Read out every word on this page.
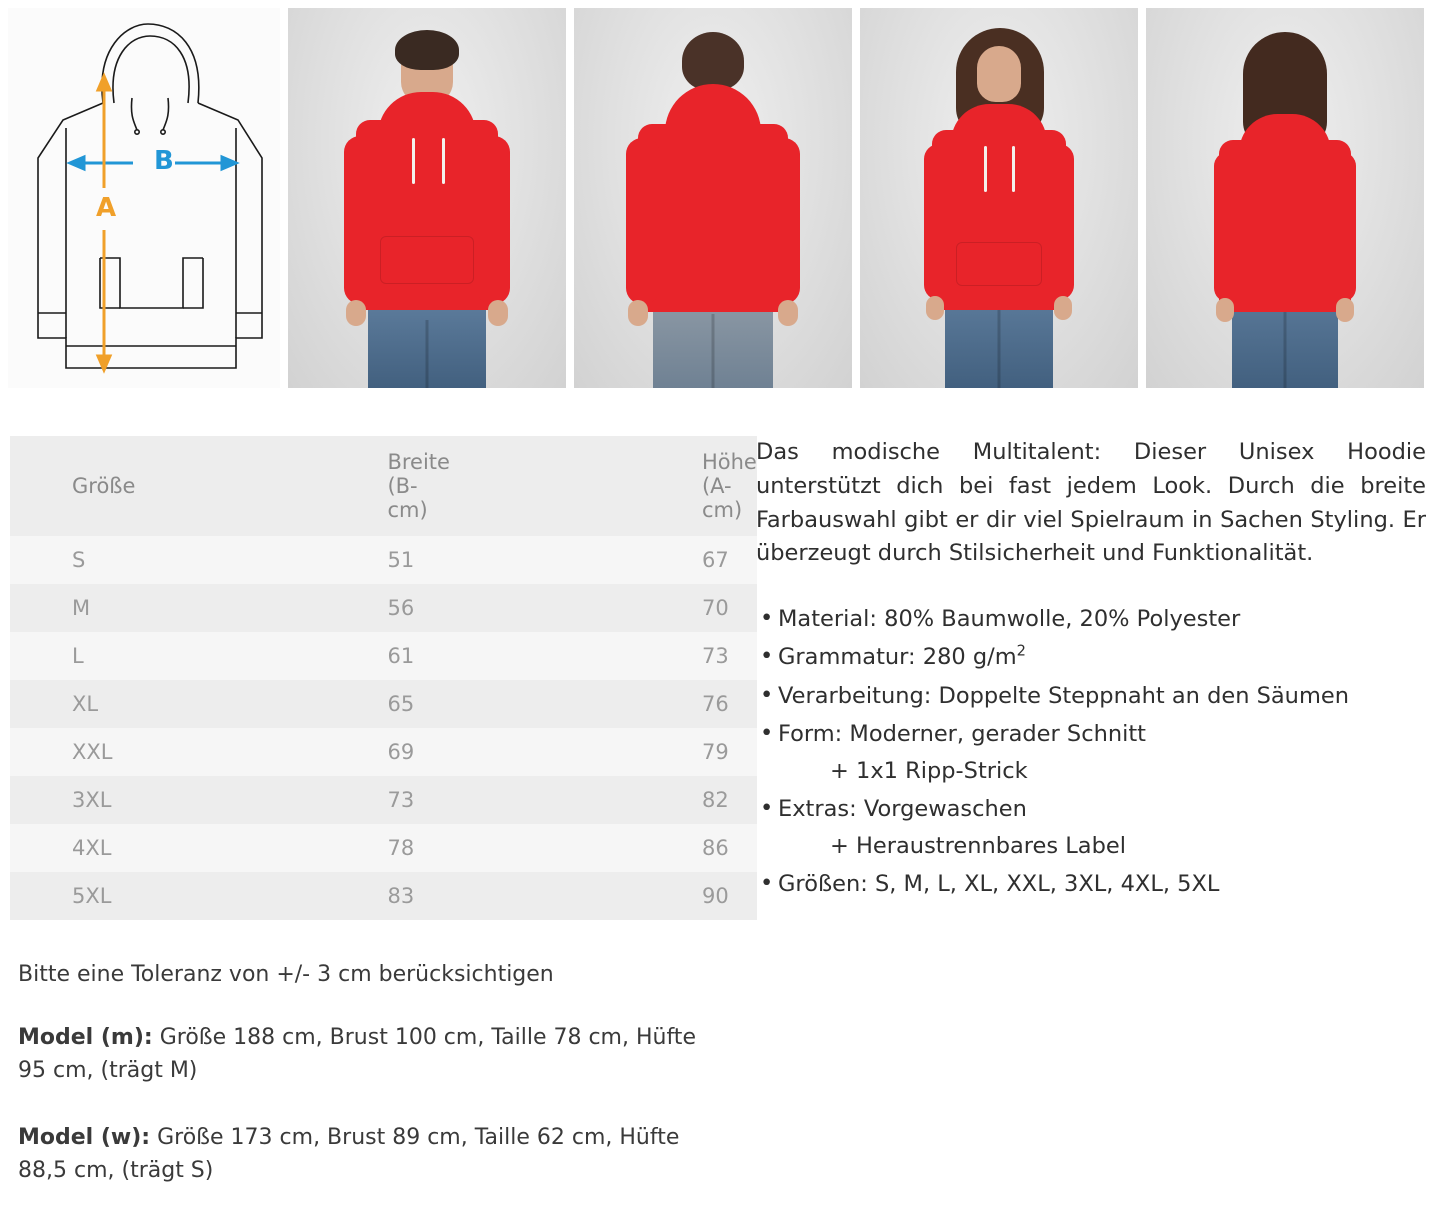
B
A
Größe	Breite (B-cm)	Höhe (A-cm)
S	51	67
M	56	70
L	61	73
XL	65	76
XXL	69	79
3XL	73	82
4XL	78	86
5XL	83	90
Bitte eine Toleranz von +/- 3 cm berücksichtigen
Model (m): Größe 188 cm, Brust 100 cm, Taille 78 cm, Hüfte 95 cm, (trägt M)
Model (w): Größe 173 cm, Brust 89 cm, Taille 62 cm, Hüfte 88,5 cm, (trägt S)

Das modische Multitalent: Dieser Unisex Hoodie unterstützt dich bei fast jedem Look. Durch die breite Farbauswahl gibt er dir viel Spielraum in Sachen Styling. Er überzeugt durch Stilsicherheit und Funktionalität.

• Material: 80% Baumwolle, 20% Polyester
• Grammatur: 280 $g/m^2$
• Verarbeitung: Doppelte Steppnaht an den Säumen
• Form: Moderner, gerader Schnitt
+ 1x1 Ripp-Strick
• Extras: Vorgewaschen
+ Heraustrennbares Label
• Größen: S, M, L, XL, XXL, 3XL, 4XL, 5XL
